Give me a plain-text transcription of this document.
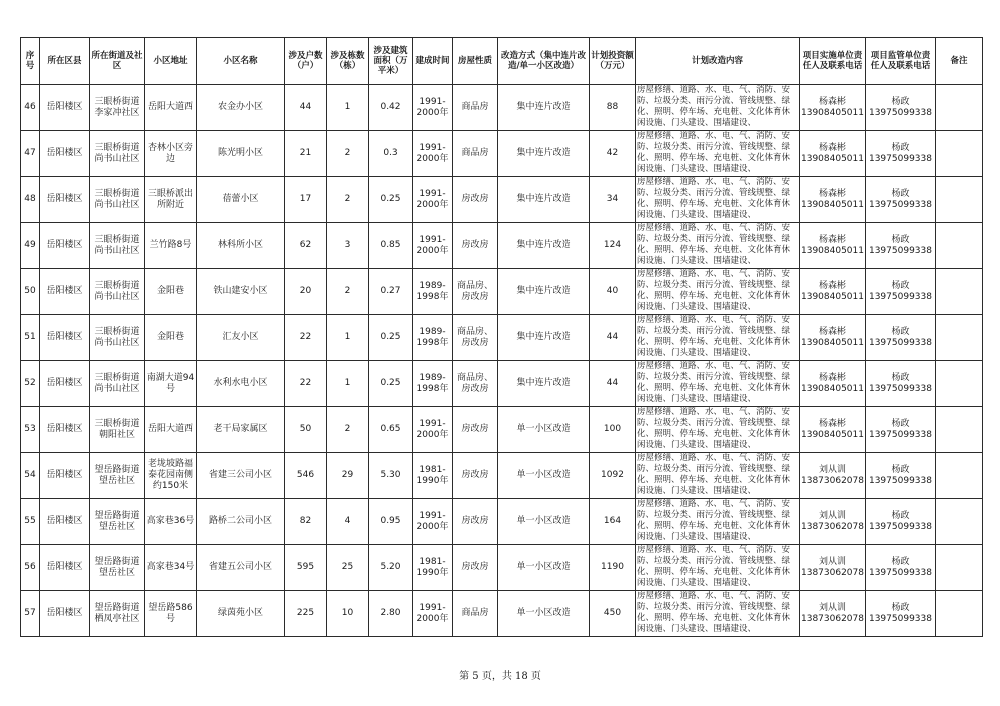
序号	所在区县	所在街道及社区	小区地址	小区名称	涉及户数（户）	涉及栋数（栋）	涉及建筑面积（万平米）	建成时间	房屋性质	改造方式（集中连片改造/单一小区改造）	计划投资额（万元）	计划改造内容	项目实施单位责任人及联系电话	项目监管单位责任人及联系电话	备注
46	岳阳楼区	三眼桥街道李家冲社区	岳阳大道西	农金办小区	44	1	0.42	1991-2000年	商品房	集中连片改造	88	房屋修缮、道路、水、电、气、消防、安防、垃圾分类、雨污分流、管线规整、绿化、照明、停车场、充电桩、文化体育休闲设施、门头建设、围墙建设、	杨森彬 13908405011	杨政 13975099338	
47	岳阳楼区	三眼桥街道尚书山社区	杏林小区旁边	陈光明小区	21	2	0.3	1991-2000年	商品房	集中连片改造	42	房屋修缮、道路、水、电、气、消防、安防、垃圾分类、雨污分流、管线规整、绿化、照明、停车场、充电桩、文化体育休闲设施、门头建设、围墙建设、	杨森彬 13908405011	杨政 13975099338	
48	岳阳楼区	三眼桥街道尚书山社区	三眼桥派出所附近	蓓蕾小区	17	2	0.25	1991-2000年	房改房	集中连片改造	34	房屋修缮、道路、水、电、气、消防、安防、垃圾分类、雨污分流、管线规整、绿化、照明、停车场、充电桩、文化体育休闲设施、门头建设、围墙建设、	杨森彬 13908405011	杨政 13975099338	
49	岳阳楼区	三眼桥街道尚书山社区	兰竹路8号	林科所小区	62	3	0.85	1991-2000年	房改房	集中连片改造	124	房屋修缮、道路、水、电、气、消防、安防、垃圾分类、雨污分流、管线规整、绿化、照明、停车场、充电桩、文化体育休闲设施、门头建设、围墙建设、	杨森彬 13908405011	杨政 13975099338	
50	岳阳楼区	三眼桥街道尚书山社区	金阳巷	铁山建安小区	20	2	0.27	1989-1998年	商品房、房改房	集中连片改造	40	房屋修缮、道路、水、电、气、消防、安防、垃圾分类、雨污分流、管线规整、绿化、照明、停车场、充电桩、文化体育休闲设施、门头建设、围墙建设、	杨森彬 13908405011	杨政 13975099338	
51	岳阳楼区	三眼桥街道尚书山社区	金阳巷	汇友小区	22	1	0.25	1989-1998年	商品房、房改房	集中连片改造	44	房屋修缮、道路、水、电、气、消防、安防、垃圾分类、雨污分流、管线规整、绿化、照明、停车场、充电桩、文化体育休闲设施、门头建设、围墙建设、	杨森彬 13908405011	杨政 13975099338	
52	岳阳楼区	三眼桥街道尚书山社区	南湖大道94号	水利水电小区	22	1	0.25	1989-1998年	商品房、房改房	集中连片改造	44	房屋修缮、道路、水、电、气、消防、安防、垃圾分类、雨污分流、管线规整、绿化、照明、停车场、充电桩、文化体育休闲设施、门头建设、围墙建设、	杨森彬 13908405011	杨政 13975099338	
53	岳阳楼区	三眼桥街道朝阳社区	岳阳大道西	老干局家属区	50	2	0.65	1991-2000年	房改房	单一小区改造	100	房屋修缮、道路、水、电、气、消防、安防、垃圾分类、雨污分流、管线规整、绿化、照明、停车场、充电桩、文化体育休闲设施、门头建设、围墙建设、	杨森彬 13908405011	杨政 13975099338	
54	岳阳楼区	望岳路街道望岳社区	老垅坡路福泰花园南侧约150米	省建三公司小区	546	29	5.30	1981-1990年	房改房	单一小区改造	1092	房屋修缮、道路、水、电、气、消防、安防、垃圾分类、雨污分流、管线规整、绿化、照明、停车场、充电桩、文化体育休闲设施、门头建设、围墙建设、	刘从训 13873062078	杨政 13975099338	
55	岳阳楼区	望岳路街道望岳社区	高家巷36号	路桥二公司小区	82	4	0.95	1991-2000年	房改房	单一小区改造	164	房屋修缮、道路、水、电、气、消防、安防、垃圾分类、雨污分流、管线规整、绿化、照明、停车场、充电桩、文化体育休闲设施、门头建设、围墙建设、	刘从训 13873062078	杨政 13975099338	
56	岳阳楼区	望岳路街道望岳社区	高家巷34号	省建五公司小区	595	25	5.20	1981-1990年	房改房	单一小区改造	1190	房屋修缮、道路、水、电、气、消防、安防、垃圾分类、雨污分流、管线规整、绿化、照明、停车场、充电桩、文化体育休闲设施、门头建设、围墙建设、	刘从训 13873062078	杨政 13975099338	
57	岳阳楼区	望岳路街道栖凤亭社区	望岳路586号	绿茵苑小区	225	10	2.80	1991-2000年	商品房	单一小区改造	450	房屋修缮、道路、水、电、气、消防、安防、垃圾分类、雨污分流、管线规整、绿化、照明、停车场、充电桩、文化体育休闲设施、门头建设、围墙建设、	刘从训 13873062078	杨政 13975099338	
第 5 页，共 18 页
